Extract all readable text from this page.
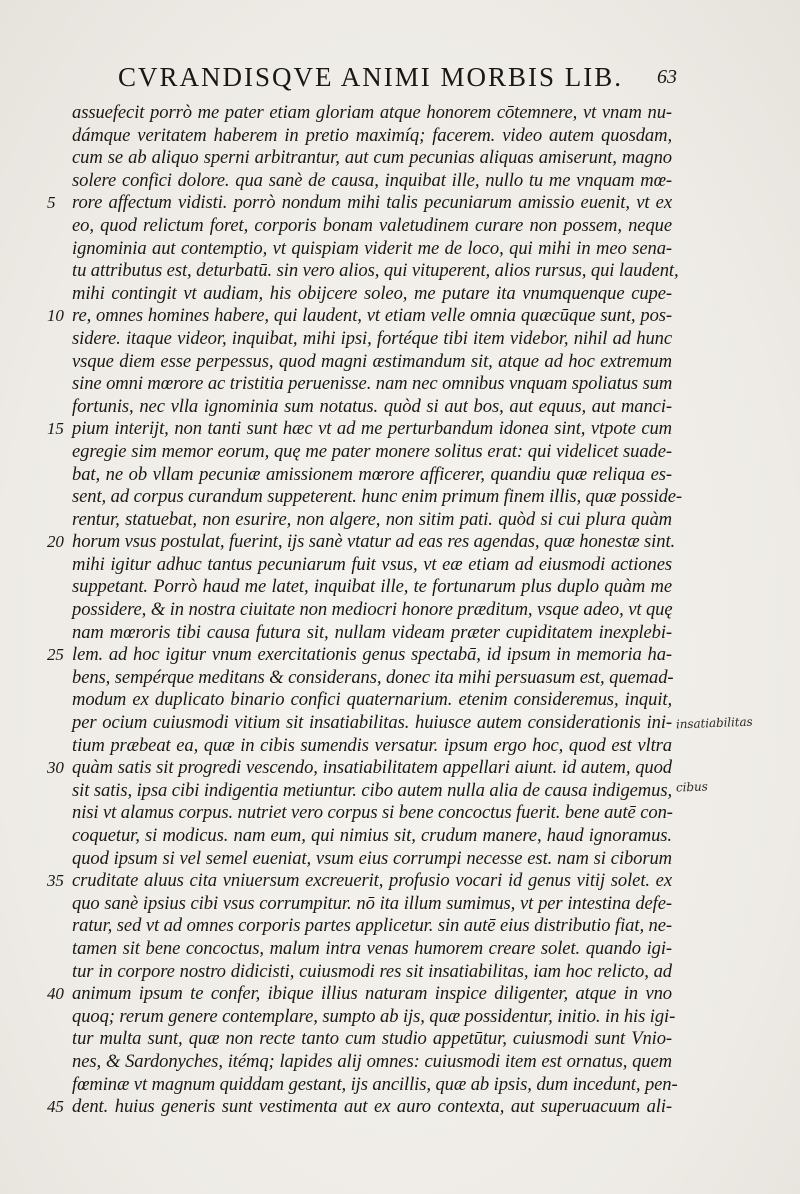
CVRANDISQVE ANIMI MORBIS LIB.	63
assuefecit porrò me pater etiam gloriam atque honorem cōtemnere, vt vnam nu-
dámque veritatem haberem in pretio maximíq; facerem. video autem quosdam,
cum se ab aliquo sperni arbitrantur, aut cum pecunias aliquas amiserunt, magno
solere confici dolore. qua sanè de causa, inquibat ille, nullo tu me vnquam mœ-
5 rore affectum vidisti. porrò nondum mihi talis pecuniarum amissio euenit, vt ex
eo, quod relictum foret, corporis bonam valetudinem curare non possem, neque
ignominia aut contemptio, vt quispiam viderit me de loco, qui mihi in meo sena-
tu attributus est, deturbatū. sin vero alios, qui vituperent, alios rursus, qui laudent,
mihi contingit vt audiam, his obijcere soleo, me putare ita vnumquenque cupe-
10 re, omnes homines habere, qui laudent, vt etiam velle omnia quæcūque sunt, pos-
sidere. itaque videor, inquibat, mihi ipsi, fortéque tibi item videbor, nihil ad hunc
vsque diem esse perpessus, quod magni æstimandum sit, atque ad hoc extremum
sine omni mœrore ac tristitia peruenisse. nam nec omnibus vnquam spoliatus sum
fortunis, nec vlla ignominia sum notatus. quòd si aut bos, aut equus, aut manci-
15 pium interijt, non tanti sunt hæc vt ad me perturbandum idonea sint, vtpote cum
egregie sim memor eorum, quę me pater monere solitus erat: qui videlicet suade-
bat, ne ob vllam pecuniæ amissionem mœrore afficerer, quandiu quæ reliqua es-
sent, ad corpus curandum suppeterent. hunc enim primum finem illis, quæ posside-
rentur, statuebat, non esurire, non algere, non sitim pati. quòd si cui plura quàm
20 horum vsus postulat, fuerint, ijs sanè vtatur ad eas res agendas, quæ honestæ sint.
mihi igitur adhuc tantus pecuniarum fuit vsus, vt eæ etiam ad eiusmodi actiones
suppetant. Porrò haud me latet, inquibat ille, te fortunarum plus duplo quàm me
possidere, & in nostra ciuitate non mediocri honore præditum, vsque adeo, vt quę
nam mœroris tibi causa futura sit, nullam videam præter cupiditatem inexplebi-
25 lem. ad hoc igitur vnum exercitationis genus spectabā, id ipsum in memoria ha-
bens, sempérque meditans & considerans, donec ita mihi persuasum est, quemad-
modum ex duplicato binario confici quaternarium. etenim consideremus, inquit,
per ocium cuiusmodi vitium sit insatiabilitas. huiusce autem considerationis ini- insatiabilitas
tium præbeat ea, quæ in cibis sumendis versatur. ipsum ergo hoc, quod est vltra
30 quàm satis sit progredi vescendo, insatiabilitatem appellari aiunt. id autem, quod
sit satis, ipsa cibi indigentia metiuntur. cibo autem nulla alia de causa indigemus, cibus
nisi vt alamus corpus. nutriet vero corpus si bene concoctus fuerit. bene autē con-
coquetur, si modicus. nam eum, qui nimius sit, crudum manere, haud ignoramus.
quod ipsum si vel semel eueniat, vsum eius corrumpi necesse est. nam si ciborum
35 cruditate aluus cita vniuersum excreuerit, profusio vocari id genus vitij solet. ex
quo sanè ipsius cibi vsus corrumpitur. nō ita illum sumimus, vt per intestina defe-
ratur, sed vt ad omnes corporis partes applicetur. sin autē eius distributio fiat, ne-
tamen sit bene concoctus, malum intra venas humorem creare solet. quando igi-
tur in corpore nostro didicisti, cuiusmodi res sit insatiabilitas, iam hoc relicto, ad
40 animum ipsum te confer, ibique illius naturam inspice diligenter, atque in vno
quoq; rerum genere contemplare, sumpto ab ijs, quæ possidentur, initio. in his igi-
tur multa sunt, quæ non recte tanto cum studio appetūtur, cuiusmodi sunt Vnio-
nes, & Sardonyches, itémq; lapides alij omnes: cuiusmodi item est ornatus, quem
fœminæ vt magnum quiddam gestant, ijs ancillis, quæ ab ipsis, dum incedunt, pen-
45 dent. huius generis sunt vestimenta aut ex auro contexta, aut superuacuum ali-
